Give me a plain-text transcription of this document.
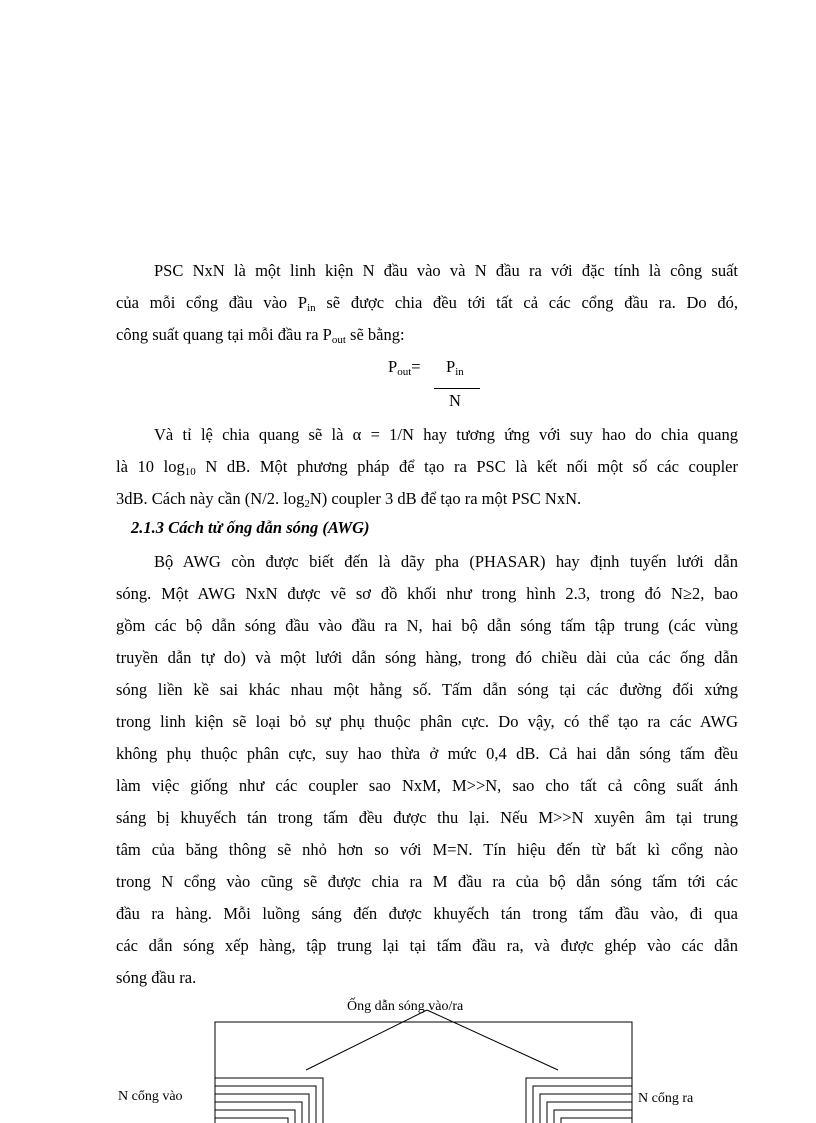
PSC NxN là một linh kiện N đầu vào và N đầu ra với đặc tính là công suất
của mỗi cổng đầu vào $P_{in}$ sẽ được chia đều tới tất cả các cổng đầu ra. Do đó,
công suất quang tại mỗi đầu ra $P_{out}$ sẽ bằng:
$P_{out}= P_{in}$
N
Và tỉ lệ chia quang sẽ là α = 1/N hay tương ứng với suy hao do chia quang
là 10 $\log_{10} N$ dB. Một phương pháp để tạo ra PSC là kết nối một số các coupler
3dB. Cách này cần (N/2. $\log_2N$) coupler 3 dB để tạo ra một PSC NxN.
2.1.3 Cách tử ống dẫn sóng (AWG)
Bộ AWG còn được biết đến là dãy pha (PHASAR) hay định tuyến lưới dẫn
sóng. Một AWG NxN được vẽ sơ đồ khối như trong hình 2.3, trong đó N≥2, bao
gồm các bộ dẫn sóng đầu vào đầu ra N, hai bộ dẫn sóng tấm tập trung (các vùng
truyền dẫn tự do) và một lưới dẫn sóng hàng, trong đó chiều dài của các ống dẫn
sóng liền kề sai khác nhau một hằng số. Tấm dẫn sóng tại các đường đối xứng
trong linh kiện sẽ loại bỏ sự phụ thuộc phân cực. Do vậy, có thể tạo ra các AWG
không phụ thuộc phân cực, suy hao thừa ở mức 0,4 dB. Cả hai dẫn sóng tấm đều
làm việc giống như các coupler sao NxM, M>>N, sao cho tất cả công suất ánh
sáng bị khuyếch tán trong tấm đều được thu lại. Nếu M>>N xuyên âm tại trung
tâm của băng thông sẽ nhỏ hơn so với M=N. Tín hiệu đến từ bất kì cổng nào
trong N cổng vào cũng sẽ được chia ra M đầu ra của bộ dẫn sóng tấm tới các
đầu ra hàng. Mỗi luồng sáng đến được khuyếch tán trong tấm đầu vào, đi qua
các dẫn sóng xếp hàng, tập trung lại tại tấm đầu ra, và được ghép vào các dẫn
sóng đầu ra.
Ống dẫn sóng vào/ra
N cổng vào	N cổng ra
